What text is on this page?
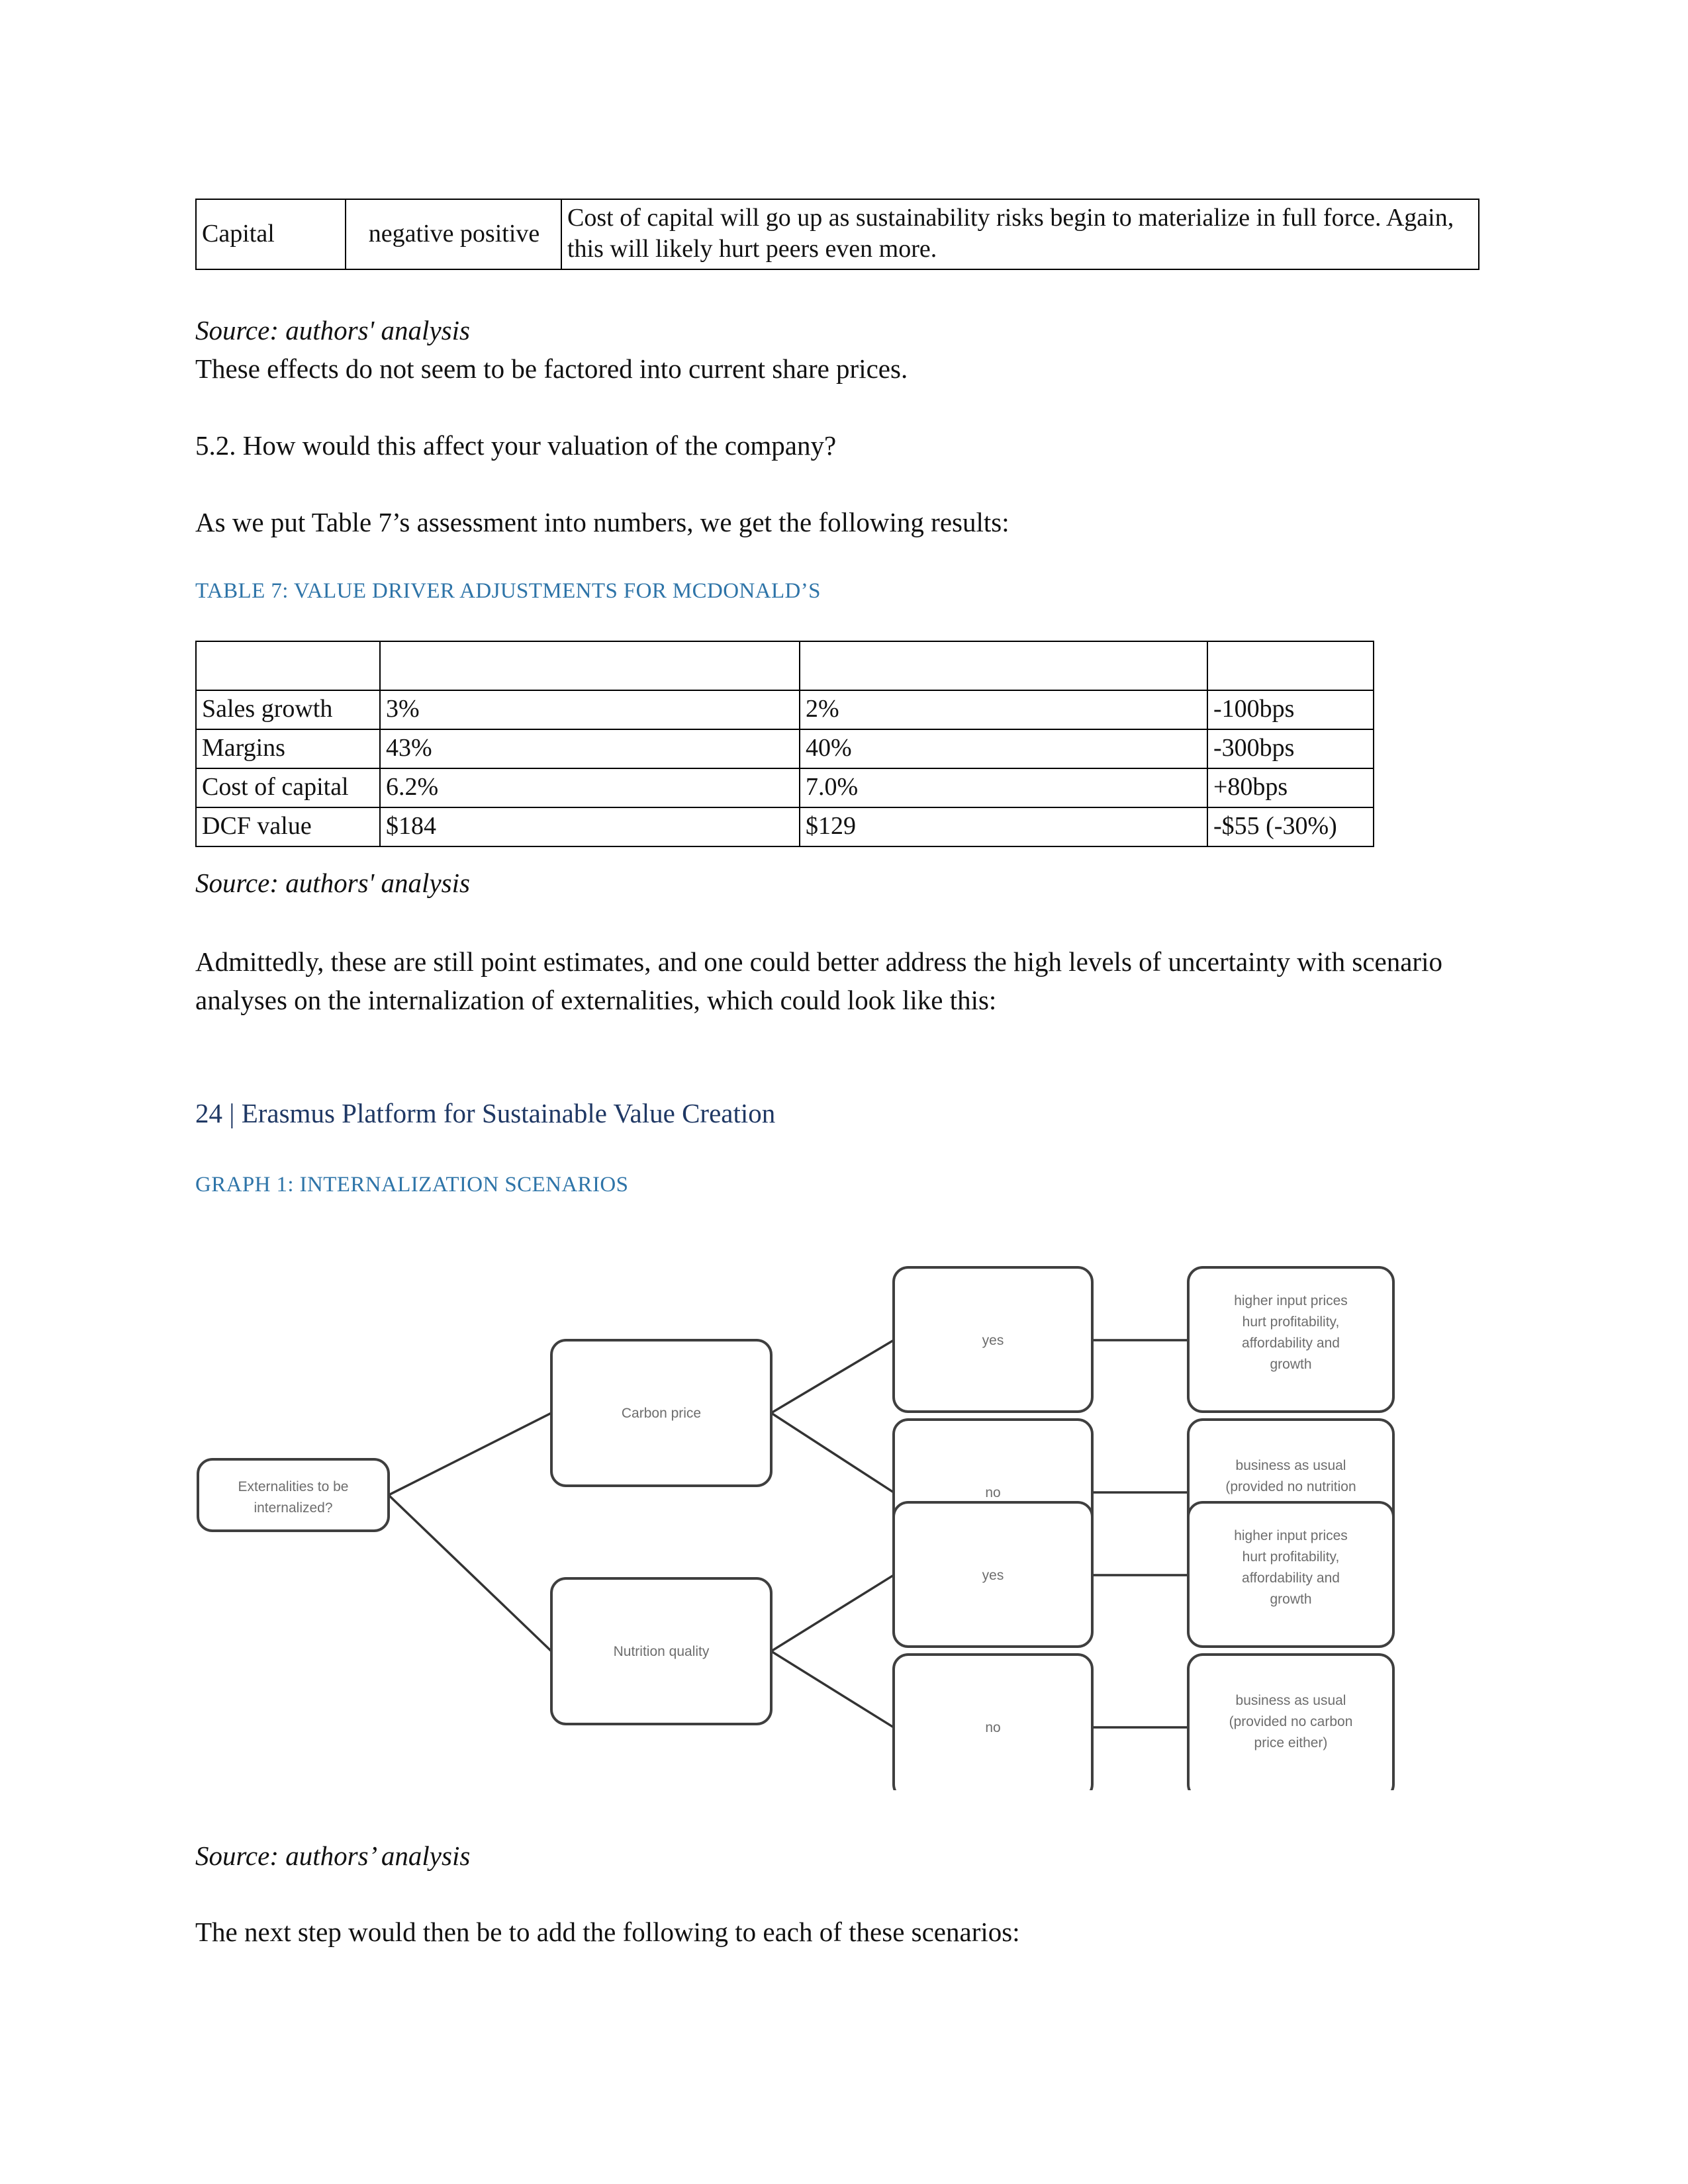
Capital	negative positive	Cost of capital will go up as sustainability risks begin to materialize in full force. Again, this will likely hurt peers even more.
Source: authors' analysis
These effects do not seem to be factored into current share prices.
5.2. How would this affect your valuation of the company?
As we put Table 7’s assessment into numbers, we get the following results:
TABLE 7: VALUE DRIVER ADJUSTMENTS FOR MCDONALD’S

Sales growth	3%	2%	-100bps
Margins	43%	40%	-300bps
Cost of capital	6.2%	7.0%	+80bps
DCF value	$184	$129	-$55 (-30%)
Source: authors' analysis
Admittedly, these are still point estimates, and one could better address the high levels of uncertainty with scenario analyses on the internalization of externalities, which could look like this:
24 | Erasmus Platform for Sustainable Value Creation
GRAPH 1: INTERNALIZATION SCENARIOS
Externalities to be
internalized?
Carbon price
Nutrition quality
yes
no
yes
no
higher input prices
hurt profitability,
affordability and
growth
business as usual
(provided no nutrition
higher input prices
hurt profitability,
affordability and
growth
business as usual
(provided no carbon
price either)
Source: authors’ analysis
The next step would then be to add the following to each of these scenarios:
